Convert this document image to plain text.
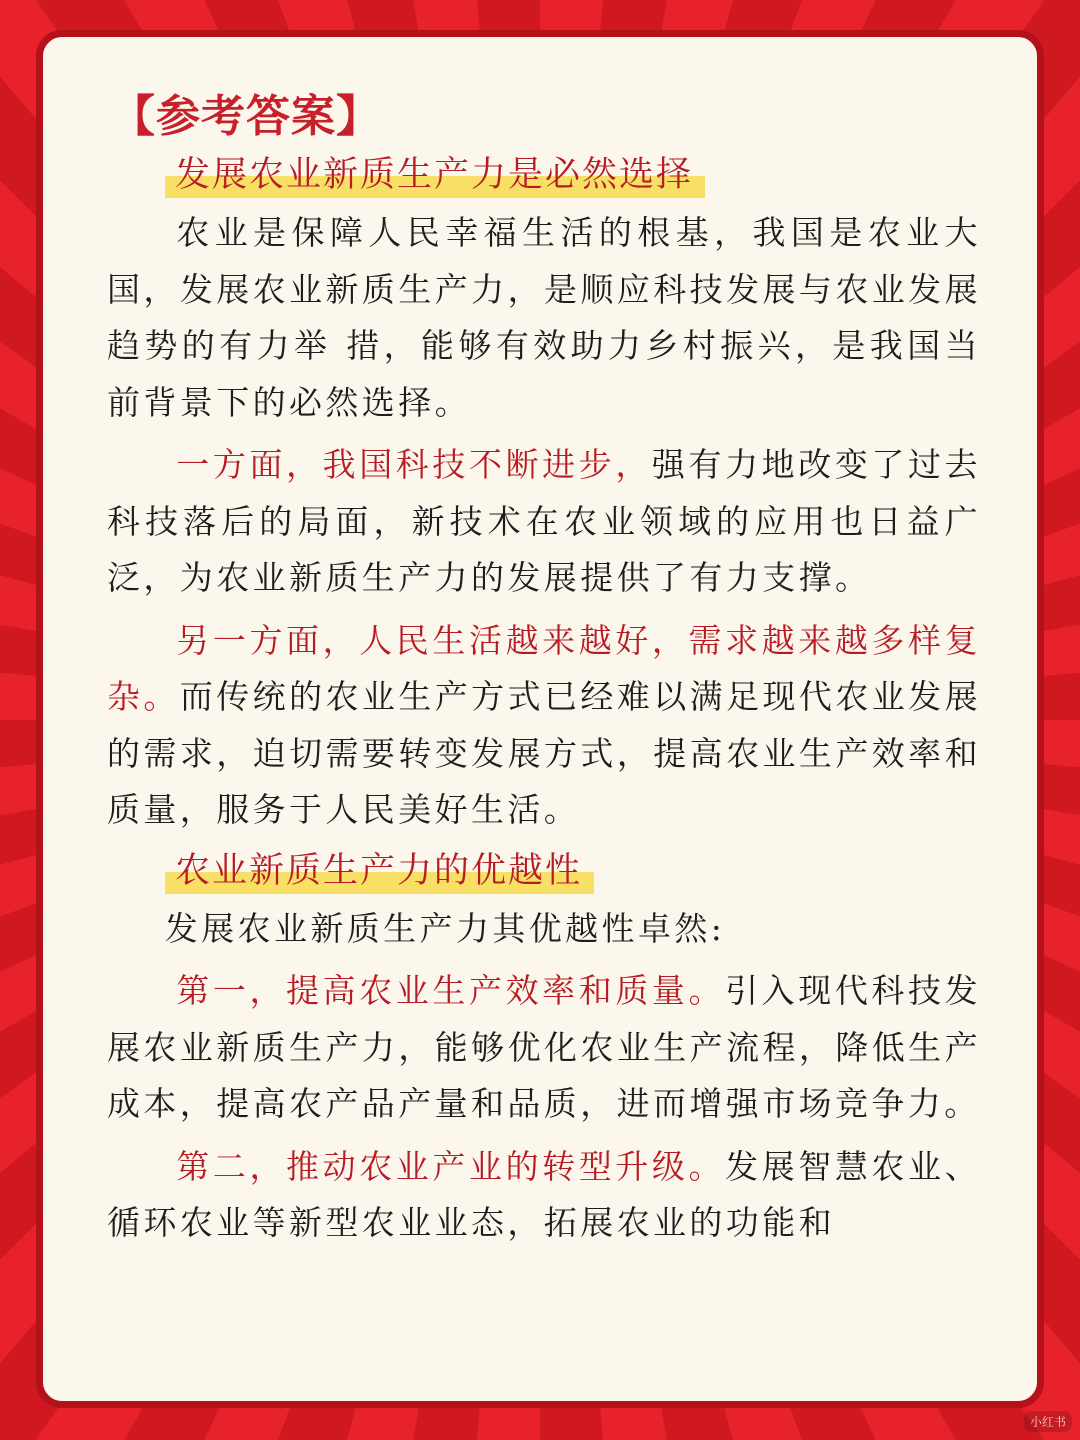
【参考答案】
发展农业新质生产力是必然选择

农业是保障人民幸福生活的根基，我国是农业大国，发展农业新质生产力，是顺应科技发展与农业发展趋势的有力举 措，能够有效助力乡村振兴，是我国当前背景下的必然选择。

一方面，我国科技不断进步，强有力地改变了过去科技落后的局面，新技术在农业领域的应用也日益广泛，为农业新质生产力的发展提供了有力支撑。

另一方面，人民生活越来越好，需求越来越多样复杂。而传统的农业生产方式已经难以满足现代农业发展的需求，迫切需要转变发展方式，提高农业生产效率和质量，服务于人民美好生活。

农业新质生产力的优越性

发展农业新质生产力其优越性卓然:

第一，提高农业生产效率和质量。引入现代科技发展农业新质生产力，能够优化农业生产流程，降低生产成本，提高农产品产量和品质，进而增强市场竞争力。

第二，推动农业产业的转型升级。发展智慧农业、循环农业等新型农业业态，拓展农业的功能和

小红书
